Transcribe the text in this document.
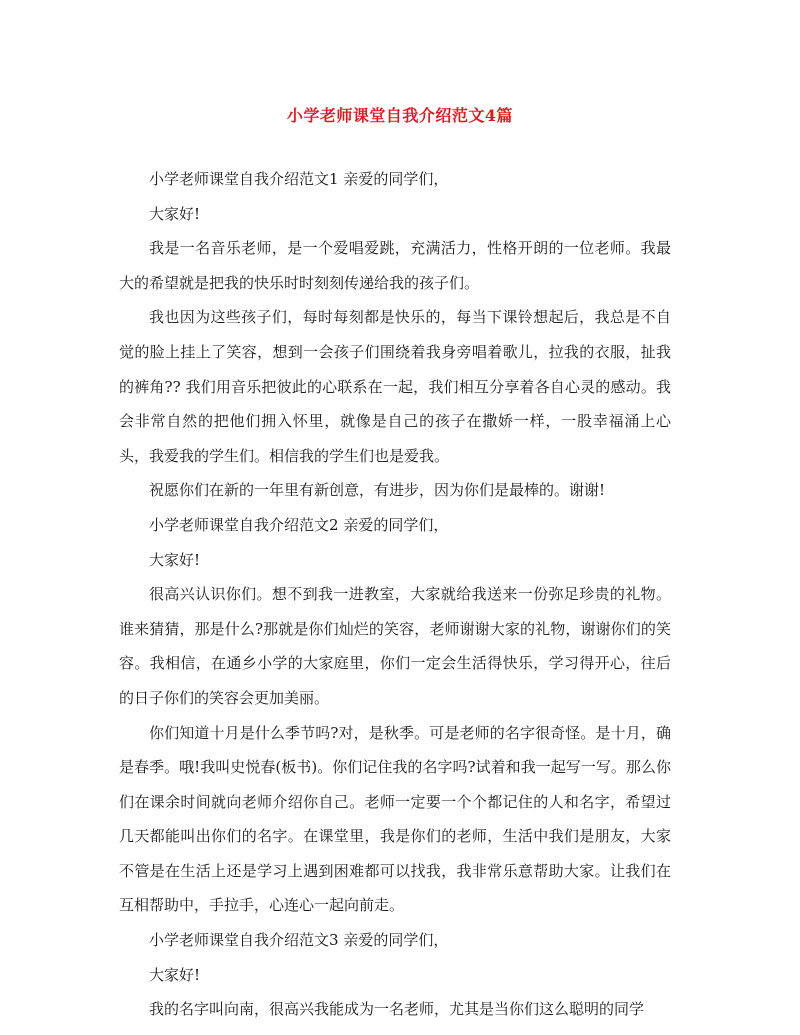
小学老师课堂自我介绍范文4篇

小学老师课堂自我介绍范文1 亲爱的同学们，

大家好!

我是一名音乐老师，是一个爱唱爱跳，充满活力，性格开朗的一位老师。我最大的希望就是把我的快乐时时刻刻传递给我的孩子们。

我也因为这些孩子们，每时每刻都是快乐的，每当下课铃想起后，我总是不自觉的脸上挂上了笑容，想到一会孩子们围绕着我身旁唱着歌儿，拉我的衣服，扯我的裤角?? 我们用音乐把彼此的心联系在一起，我们相互分享着各自心灵的感动。我会非常自然的把他们拥入怀里，就像是自己的孩子在撒娇一样，一股幸福涌上心头，我爱我的学生们。相信我的学生们也是爱我。

祝愿你们在新的一年里有新创意，有进步，因为你们是最棒的。谢谢!

小学老师课堂自我介绍范文2 亲爱的同学们，

大家好!

很高兴认识你们。想不到我一进教室，大家就给我送来一份弥足珍贵的礼物。谁来猜猜，那是什么?那就是你们灿烂的笑容，老师谢谢大家的礼物，谢谢你们的笑容。我相信，在通乡小学的大家庭里，你们一定会生活得快乐，学习得开心，往后的日子你们的笑容会更加美丽。

你们知道十月是什么季节吗?对，是秋季。可是老师的名字很奇怪。是十月，确是春季。哦!我叫史悦春(板书)。你们记住我的名字吗?试着和我一起写一写。那么你们在课余时间就向老师介绍你自己。老师一定要一个个都记住的人和名字，希望过几天都能叫出你们的名字。在课堂里，我是你们的老师，生活中我们是朋友，大家不管是在生活上还是学习上遇到困难都可以找我，我非常乐意帮助大家。让我们在互相帮助中，手拉手，心连心一起向前走。

小学老师课堂自我介绍范文3 亲爱的同学们，

大家好!

我的名字叫向南，很高兴我能成为一名老师，尤其是当你们这么聪明的同学
